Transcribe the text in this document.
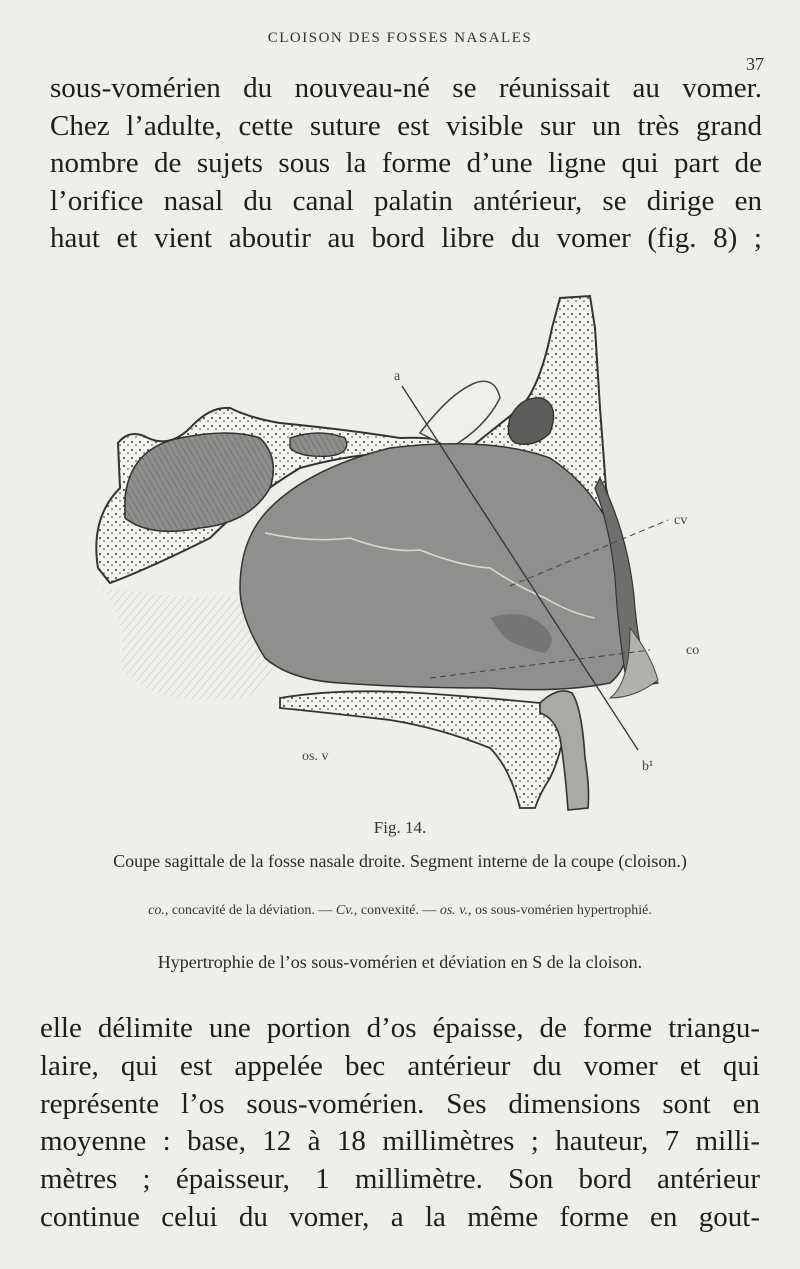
CLOISON DES FOSSES NASALES
37
sous-vomérien du nouveau-né se réunissait au vomer.
Chez l’adulte, cette suture est visible sur un très grand
nombre de sujets sous la forme d’une ligne qui part de
l’orifice nasal du canal palatin antérieur, se dirige en
haut et vient aboutir au bord libre du vomer (fig. 8) ;
a
cv
co
b¹
os. v
Fig. 14.
Coupe sagittale de la fosse nasale droite. Segment interne de la coupe (cloison.)
co., concavité de la déviation. — Cv., convexité. — os. v., os sous-vomérien hypertrophié.
Hypertrophie de l’os sous-vomérien et déviation en S de la cloison.
elle délimite une portion d’os épaisse, de forme triangu-
laire, qui est appelée bec antérieur du vomer et qui
représente l’os sous-vomérien. Ses dimensions sont en
moyenne : base, 12 à 18 millimètres ; hauteur, 7 milli-
mètres ; épaisseur, 1 millimètre. Son bord antérieur
continue celui du vomer, a la même forme en gout-
